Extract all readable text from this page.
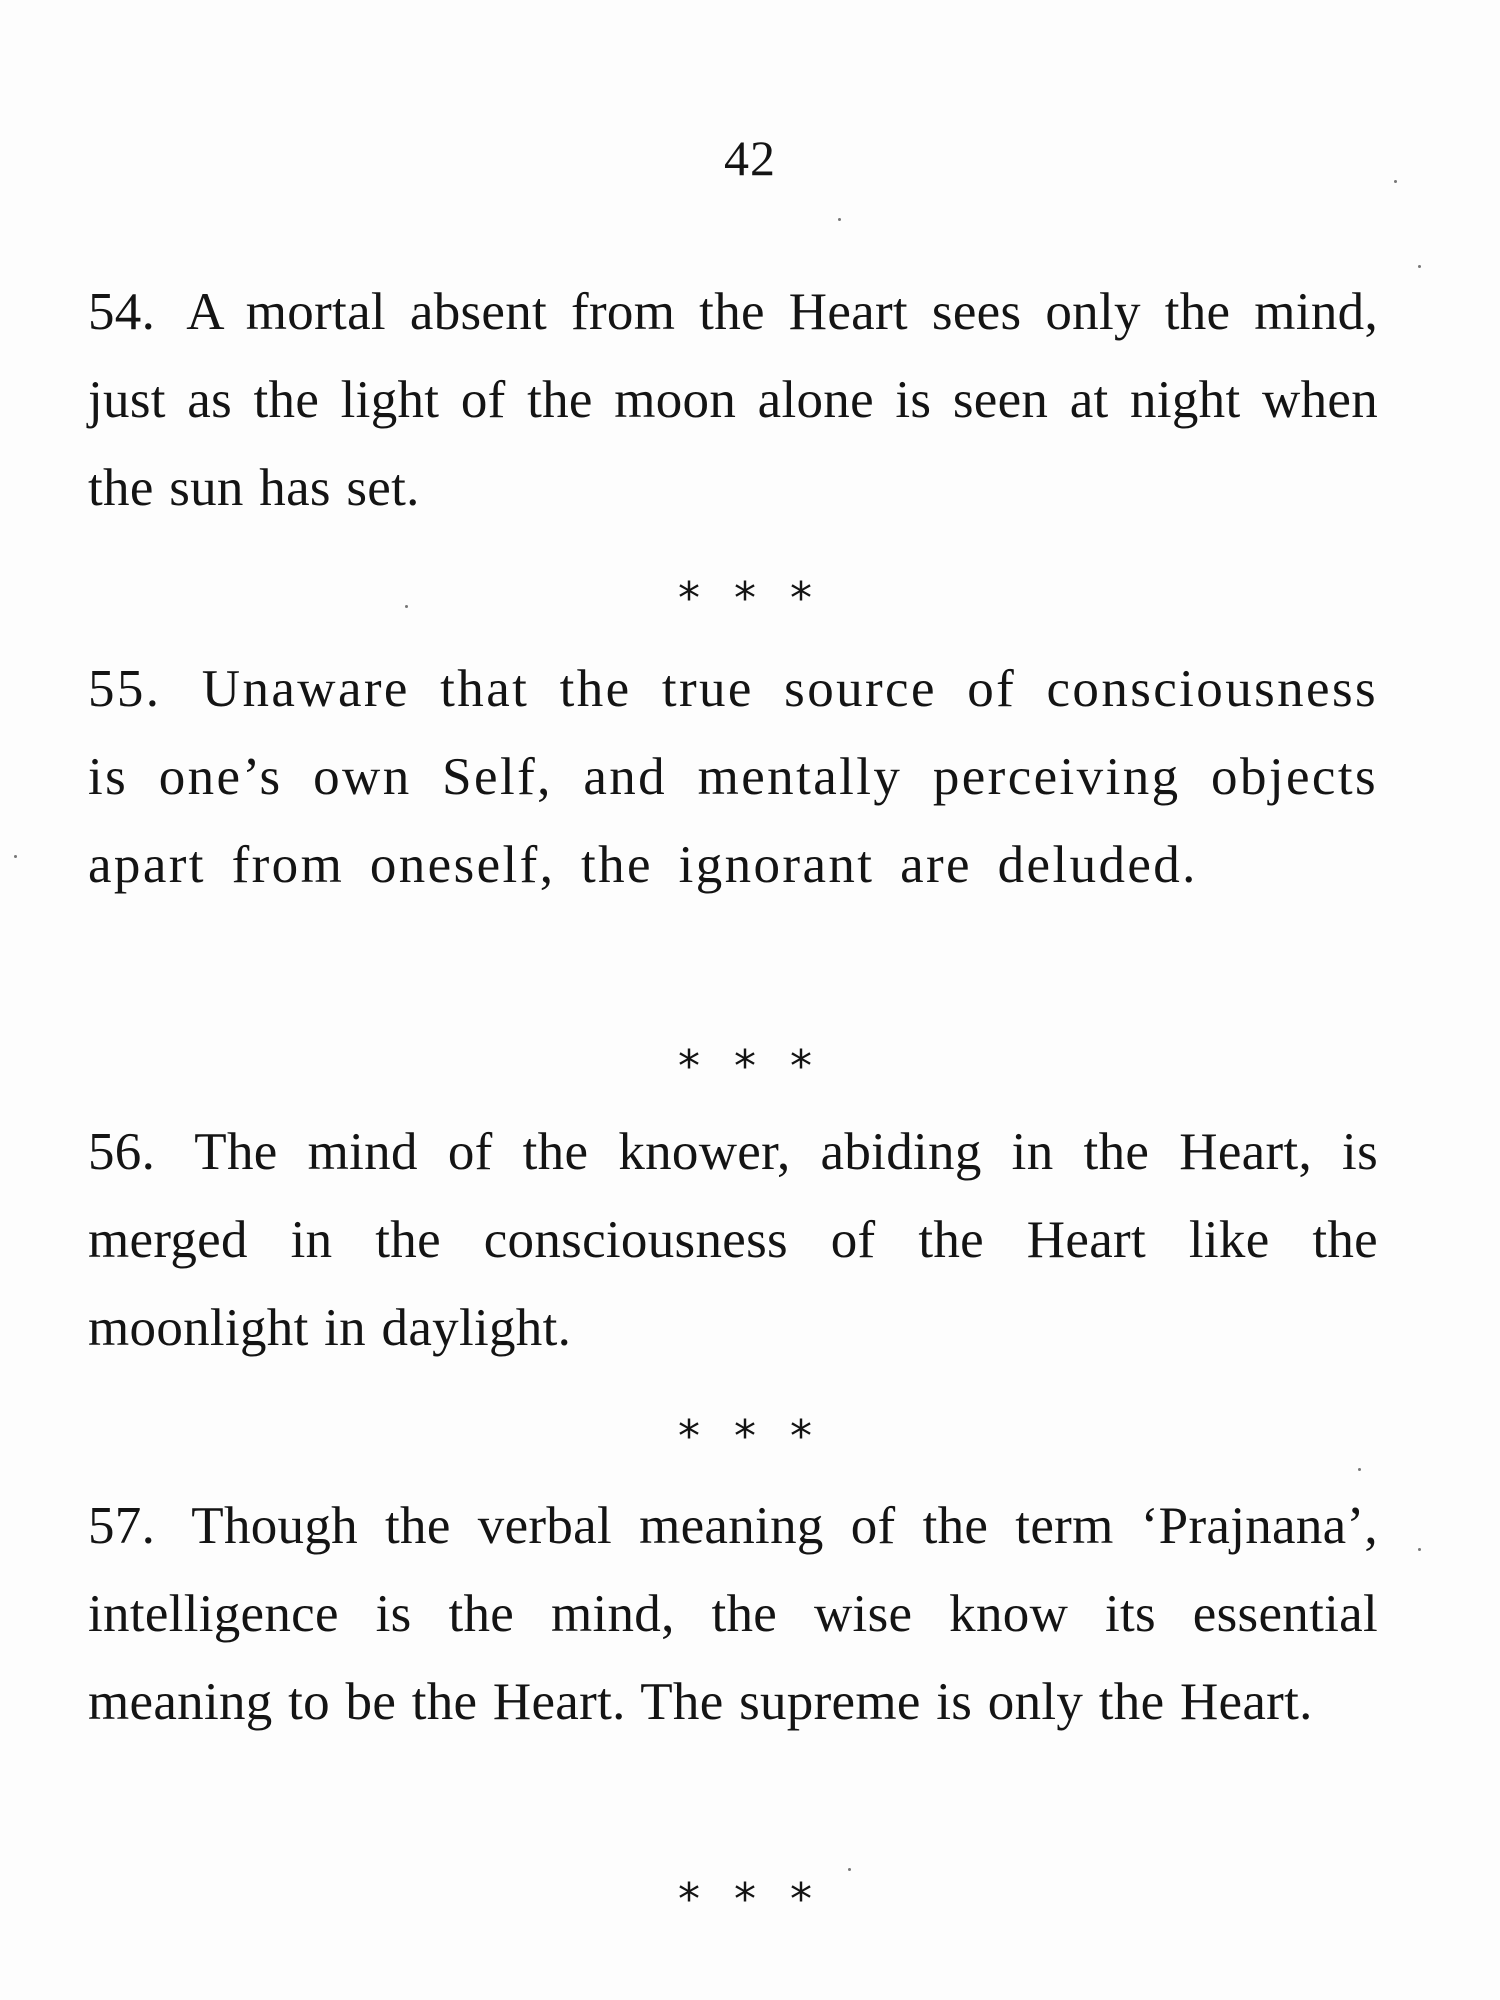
42

54. A mortal absent from the Heart sees only the mind, just as the light of the moon alone is seen at night when the sun has set.

* * *

55. Unaware that the true source of consciousness is one’s own Self, and mentally perceiving objects apart from oneself, the ignorant are deluded.

* * *

56. The mind of the knower, abiding in the Heart, is merged in the consciousness of the Heart like the moonlight in daylight.

* * *

57. Though the verbal meaning of the term ‘Prajnana’, intelligence is the mind, the wise know its essential meaning to be the Heart. The supreme is only the Heart.

* * *
